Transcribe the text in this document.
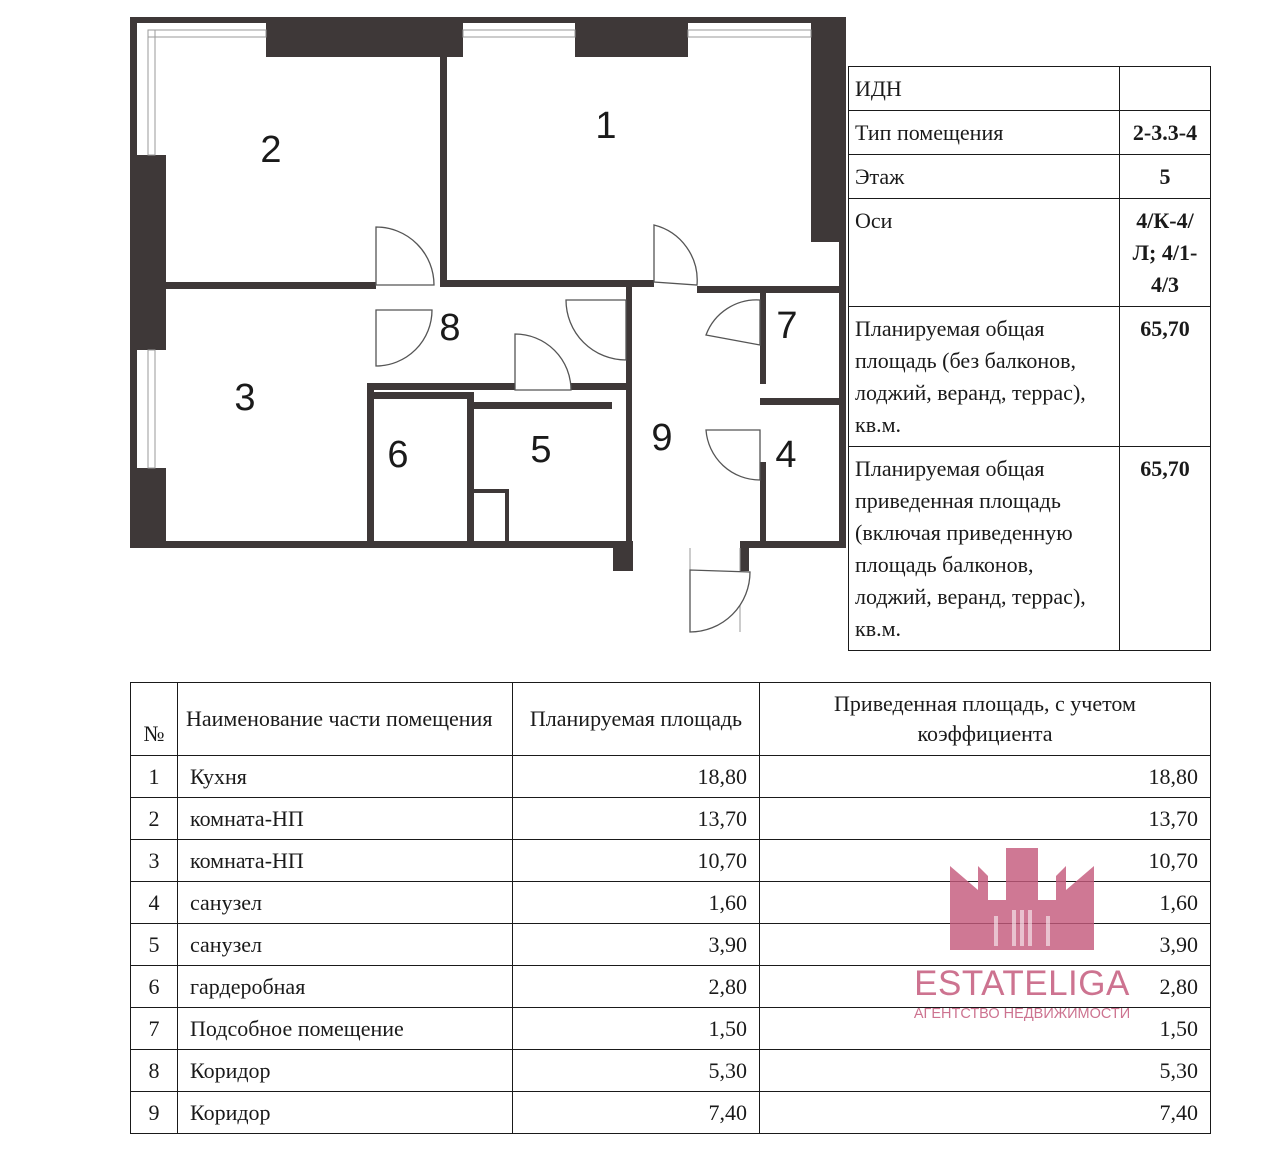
1
2
3
4
5
6
7
8
9
ИДН	
Тип помещения	2-3.3-4
Этаж	5
Оси	4/К-4/Л; 4/1-4/3
Планируемая общая площадь (без балконов, лоджий, веранд, террас), кв.м.	65,70
Планируемая общая приведенная площадь (включая приведенную площадь балконов, лоджий, веранд, террас), кв.м.	65,70
№	Наименование части помещения	Планируемая площадь	Приведенная площадь, с учетом коэффициента
1	Кухня	18,80	18,80
2	комната-НП	13,70	13,70
3	комната-НП	10,70	10,70
4	санузел	1,60	1,60
5	санузел	3,90	3,90
6	гардеробная	2,80	2,80
7	Подсобное помещение	1,50	1,50
8	Коридор	5,30	5,30
9	Коридор	7,40	7,40
ESTATELIGA
АГЕНТСТВО НЕДВИЖИМОСТИ
